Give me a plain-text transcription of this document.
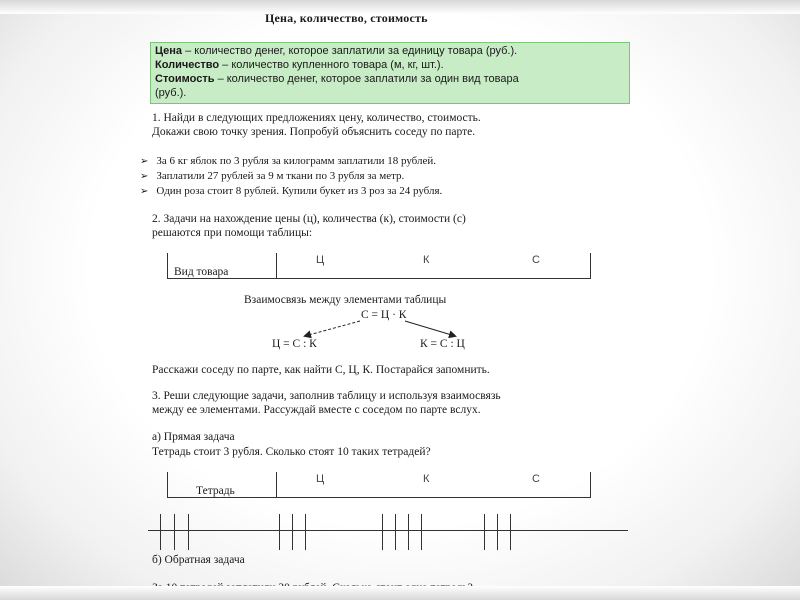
Цена, количество, стоимость
Цена – количество денег, которое заплатили за единицу товара (руб.).
Количество – количество купленного товара (м, кг, шт.).
Стоимость – количество денег, которое заплатили за один вид товара
(руб.).
1. Найди в следующих предложениях цену, количество, стоимость.
Докажи свою точку зрения. Попробуй объяснить соседу по парте.
➢ За 6 кг яблок по 3 рубля за килограмм заплатили 18 рублей.
➢ Заплатили 27 рублей за 9 м ткани по 3 рубля за метр.
➢ Один роза стоит 8 рублей. Купили букет из 3 роз за 24 рубля.
2. Задачи на нахождение цены (ц), количества (к), стоимости (с)
решаются при помощи таблицы:
Вид товара
Ц	К	С
Взаимосвязь между элементами таблицы
С = Ц · К
Ц = С : К	К = С : Ц
Расскажи соседу по парте, как найти С, Ц, К. Постарайся запомнить.
3. Реши следующие задачи, заполнив таблицу и используя взаимосвязь
между ее элементами. Рассуждай вместе с соседом по парте вслух.
а) Прямая задача
Тетрадь стоит 3 рубля. Сколько стоят 10 таких тетрадей?
Тетрадь
Ц	К	С
б) Обратная задача
